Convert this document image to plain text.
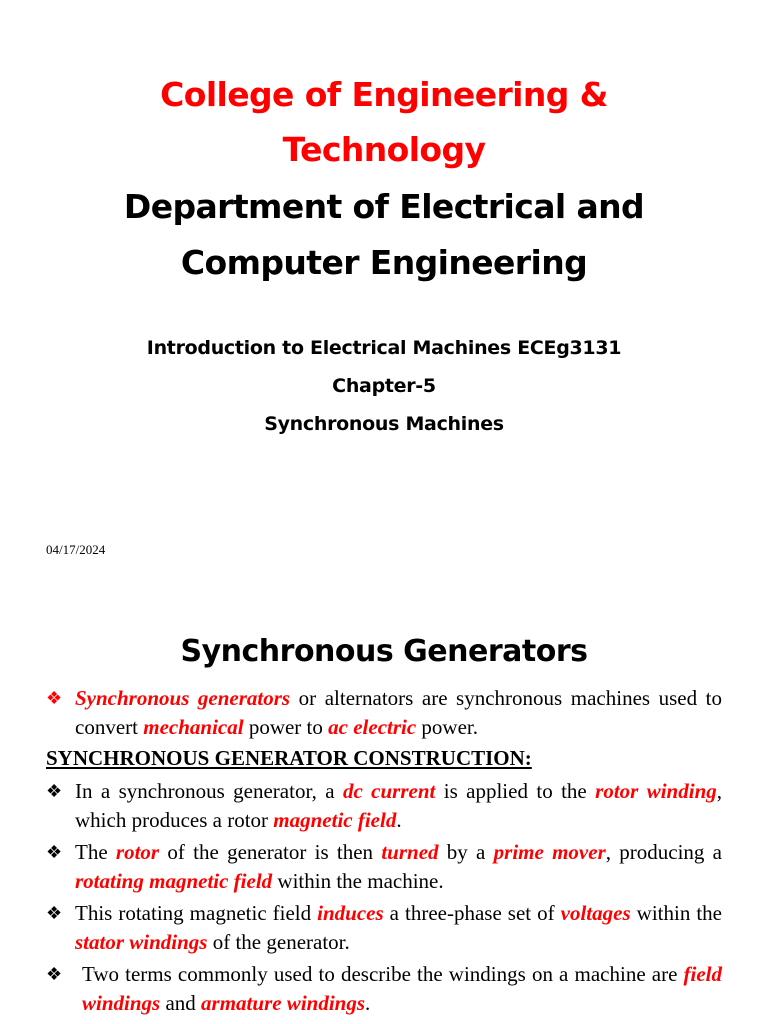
College of Engineering &
Technology
Department of Electrical and
Computer Engineering
Introduction to Electrical Machines ECEg3131
Chapter-5
Synchronous Machines
04/17/2024
Synchronous Generators
❖ Synchronous generators or alternators are synchronous machines used to convert mechanical power to ac electric power.
SYNCHRONOUS GENERATOR CONSTRUCTION:
❖ In a synchronous generator, a dc current is applied to the rotor winding, which produces a rotor magnetic field.
❖ The rotor of the generator is then turned by a prime mover, producing a rotating magnetic field within the machine.
❖ This rotating magnetic field induces a three-phase set of voltages within the stator windings of the generator.
❖ Two terms commonly used to describe the windings on a machine are field windings and armature windings.
